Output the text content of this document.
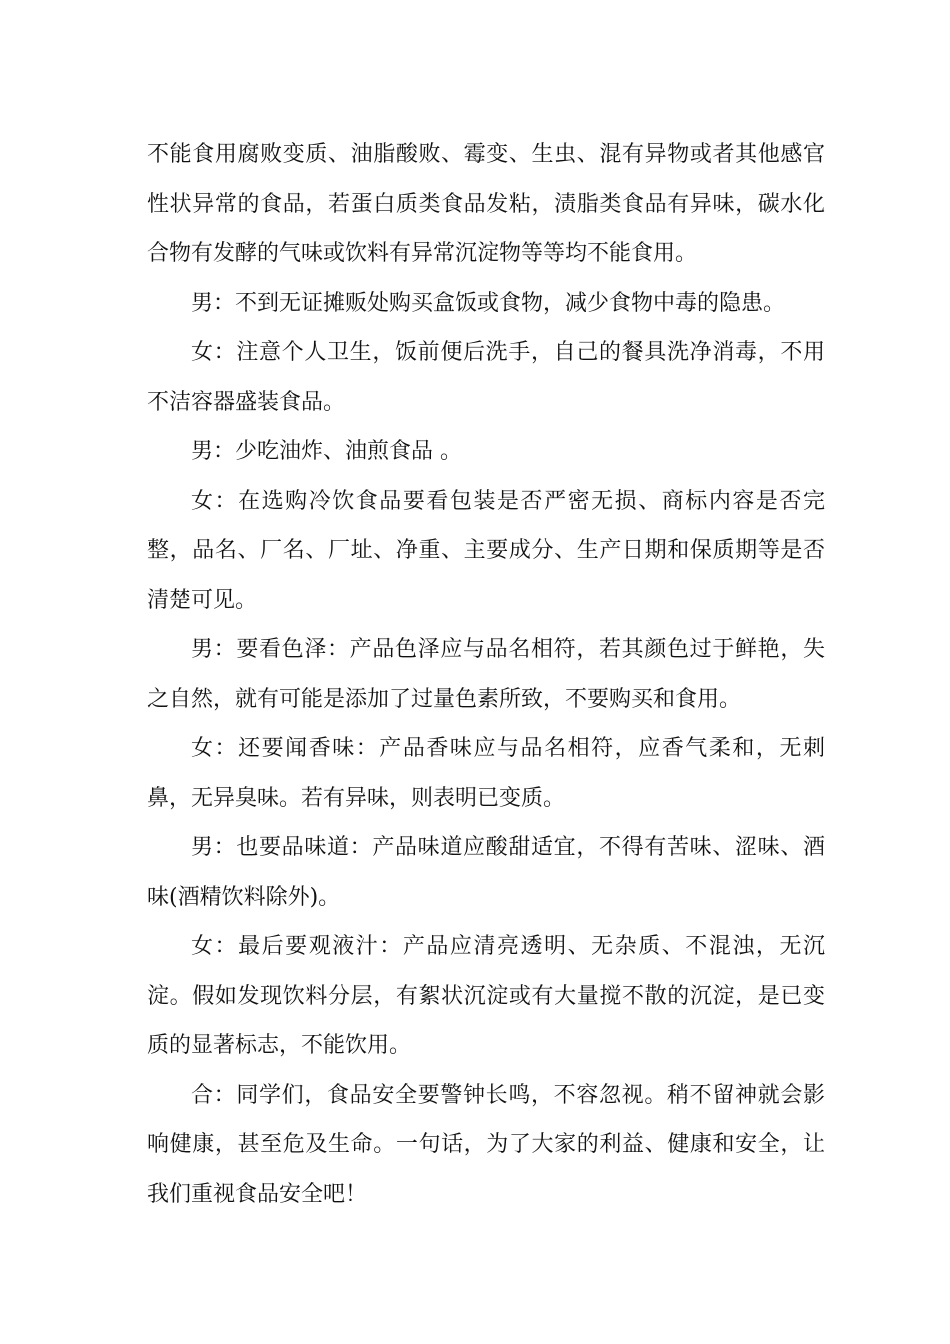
不能食用腐败变质、油脂酸败、霉变、生虫、混有异物或者其他感官性状异常的食品，若蛋白质类食品发粘，渍脂类食品有异味，碳水化合物有发酵的气味或饮料有异常沉淀物等等均不能食用。

男：不到无证摊贩处购买盒饭或食物，减少食物中毒的隐患。

女：注意个人卫生，饭前便后洗手，自己的餐具洗净消毒，不用不洁容器盛装食品。

男：少吃油炸、油煎食品 。

女：在选购冷饮食品要看包装是否严密无损、商标内容是否完整，品名、厂名、厂址、净重、主要成分、生产日期和保质期等是否清楚可见。

男：要看色泽：产品色泽应与品名相符，若其颜色过于鲜艳，失之自然，就有可能是添加了过量色素所致，不要购买和食用。

女：还要闻香味：产品香味应与品名相符，应香气柔和，无刺鼻，无异臭味。若有异味，则表明已变质。

男：也要品味道：产品味道应酸甜适宜，不得有苦味、涩味、酒味(酒精饮料除外)。

女：最后要观液汁：产品应清亮透明、无杂质、不混浊，无沉淀。假如发现饮料分层，有絮状沉淀或有大量搅不散的沉淀，是已变质的显著标志，不能饮用。

合：同学们，食品安全要警钟长鸣，不容忽视。稍不留神就会影响健康，甚至危及生命。一句话，为了大家的利益、健康和安全，让我们重视食品安全吧！
